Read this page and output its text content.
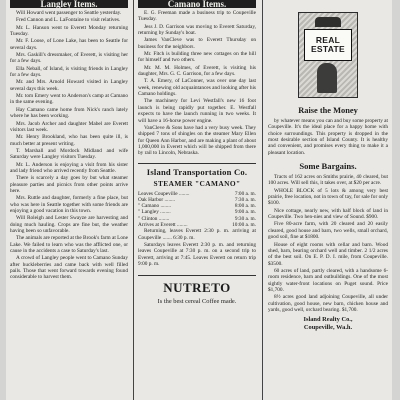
Langley Items.

Will Howard went passenger to Seattle yesterday.

Fred Cannon and L. LaFontaine to visit relatives.

Mr. L. Hanson went to Everett Monday returning Tuesday.

Mr. F. Loose, of Lone Lake, has been to Seattle for several days.

Mrs. Gaskill's dressmaker, of Everett, is visiting her for a few days.

Ella Neball, of Island, is visiting friends in Langley for a few days.

Mr. and Mrs. Arnold Howard visited in Langley several days this week.

Mr. tom Emery went to Anderson's camp at Camano in the same evening.

Hay Camano came home from Nick's ranch lately where he has been working.

Mrs. Jacob Archer and daughter Mabel are Everett visitors last week.

Mr. Henry Brookland, who has been quite ill, is much better at present writing.

T. Marshall and Mordock Midland and wife Saturday were Langley visitors Tuesday.

Mr. L. Anderson is enjoying a visit from his sister and lady friend who arrived recently from Seattle.

There is scarcely a day goes by but what steamer pleasure parties and picnics from other points arrive here.

Mrs. Ruttle and daughter, formerly a fine place, but who was here in Seattle together with some friends are enjoying a good vacation in this town.

Will Roleigh and Lester Swayze are harvesting and doing much hauling. Crops are fine but, the weather having been so unfavorable.

The animals are reported at the Brook's farm at Lone Lake. We failed to learn who was the afflicted one, or cause in the accidents a case to Saturday's last.

A crowd of Langley people went to Camano Sunday after huckleberries and came back with well filled pails. Those that went forward towards evening found considerable to harvest them.

Camano Items.

E. G. Freeman made a business trip to Coupeville Tuesday.

Jess J. D. Garrison was moving to Everett Saturday, returning by Sunday's boat.

James VanCleve was to Everett Thursday on business for the neighbors.

Mr. Fitch is building three new cottages on the hill for himself and two others.

Mr. M. M. Holmes, of Everett, is visiting his daughter, Mrs. G. C. Garrison, for a few days.

T. A. Emery, of LaConner, was over one day last week, renewing old acquaintances and looking after his Camano holdings.

The machinery for Levi Westfall's new 16 foot launch is being rapidly put together. E. Westfall expects to have the launch running in two weeks. It will have a 16-horse power engine.

VanCleve & Sons have had a very busy week. They shipped 7 tons of shingles on the steamer Mary Ellen for Queen Ann Harbor, and are making a plant of about 1,000,000 in Everett which will be shipped from there by rail to Lincoln, Nebraska.

Island Transportation Co.
STEAMER "CAMANO"
Leaves Coupeville ........	7:00 a. m.
Oak Harbor ........	7:30 a. m.
" Camano ........	8:00 a. m.
" Langley ........	9:00 a. m.
" Clinton ........	9:30 a. m.
Arrives at Everett ........	10:00 a. m.

Returning, leaves Everett 2:30 p. m. arriving at Coupeville ....... 6:30 p. m.

Saturdays leaves Everett 2:30 p. m. and returning leaves Coupeville at 7:30 p. m. on a second trip to Everett, arriving at 7:45. Leaves Everett on return trip 9:00 p. m.

NUTRETO
Is the best cereal Coffee made.
REAL
ESTATE
Raise the Money

by whatever means you can and buy some property at Coupeville. It's the ideal place for a happy home with choice surroundings. This property is dropped in the most desirable section of Island County. It is healthy and convenient, and promises every thing to make it a pleasant location.

Some Bargains.

Tracts of 162 acres on Smiths prairie, 40 cleared, but 100 acres. Will sell this, it takes over, at $20 per acre.

WHOLE BLOCK of 5 lots & among very best prairie, free location, not in town of tay, for sale for only $100.

Nice cottage, nearly new, with half block of land in Coupeville. Two hen-nies and view of Sound. $900.

Five 80-acre farm, with 20 cleared and 20 easily cleared, good house and barn, two wells, small orchard, good soil, fine at $1800.

House of eight rooms with cellar and barn. Wood shed, barn, bearing orchard well and timber. 2 1/2 acres of the best soil. On E. P. D. I. mile, from Coupeville. $3500.

60 acres of land, partly cleared, with a handsome 6-room residence, barn and outbuildings. One of the most sightly water-front locations on Puget sound. Price $1,700.

8½ acres good land adjoining Coupeville, all under cultivation, good house, new barn, chicken house and yards, good well, orchard bearing. $1,700.

Island Realty Co.,
Coupeville, Wa.h.
